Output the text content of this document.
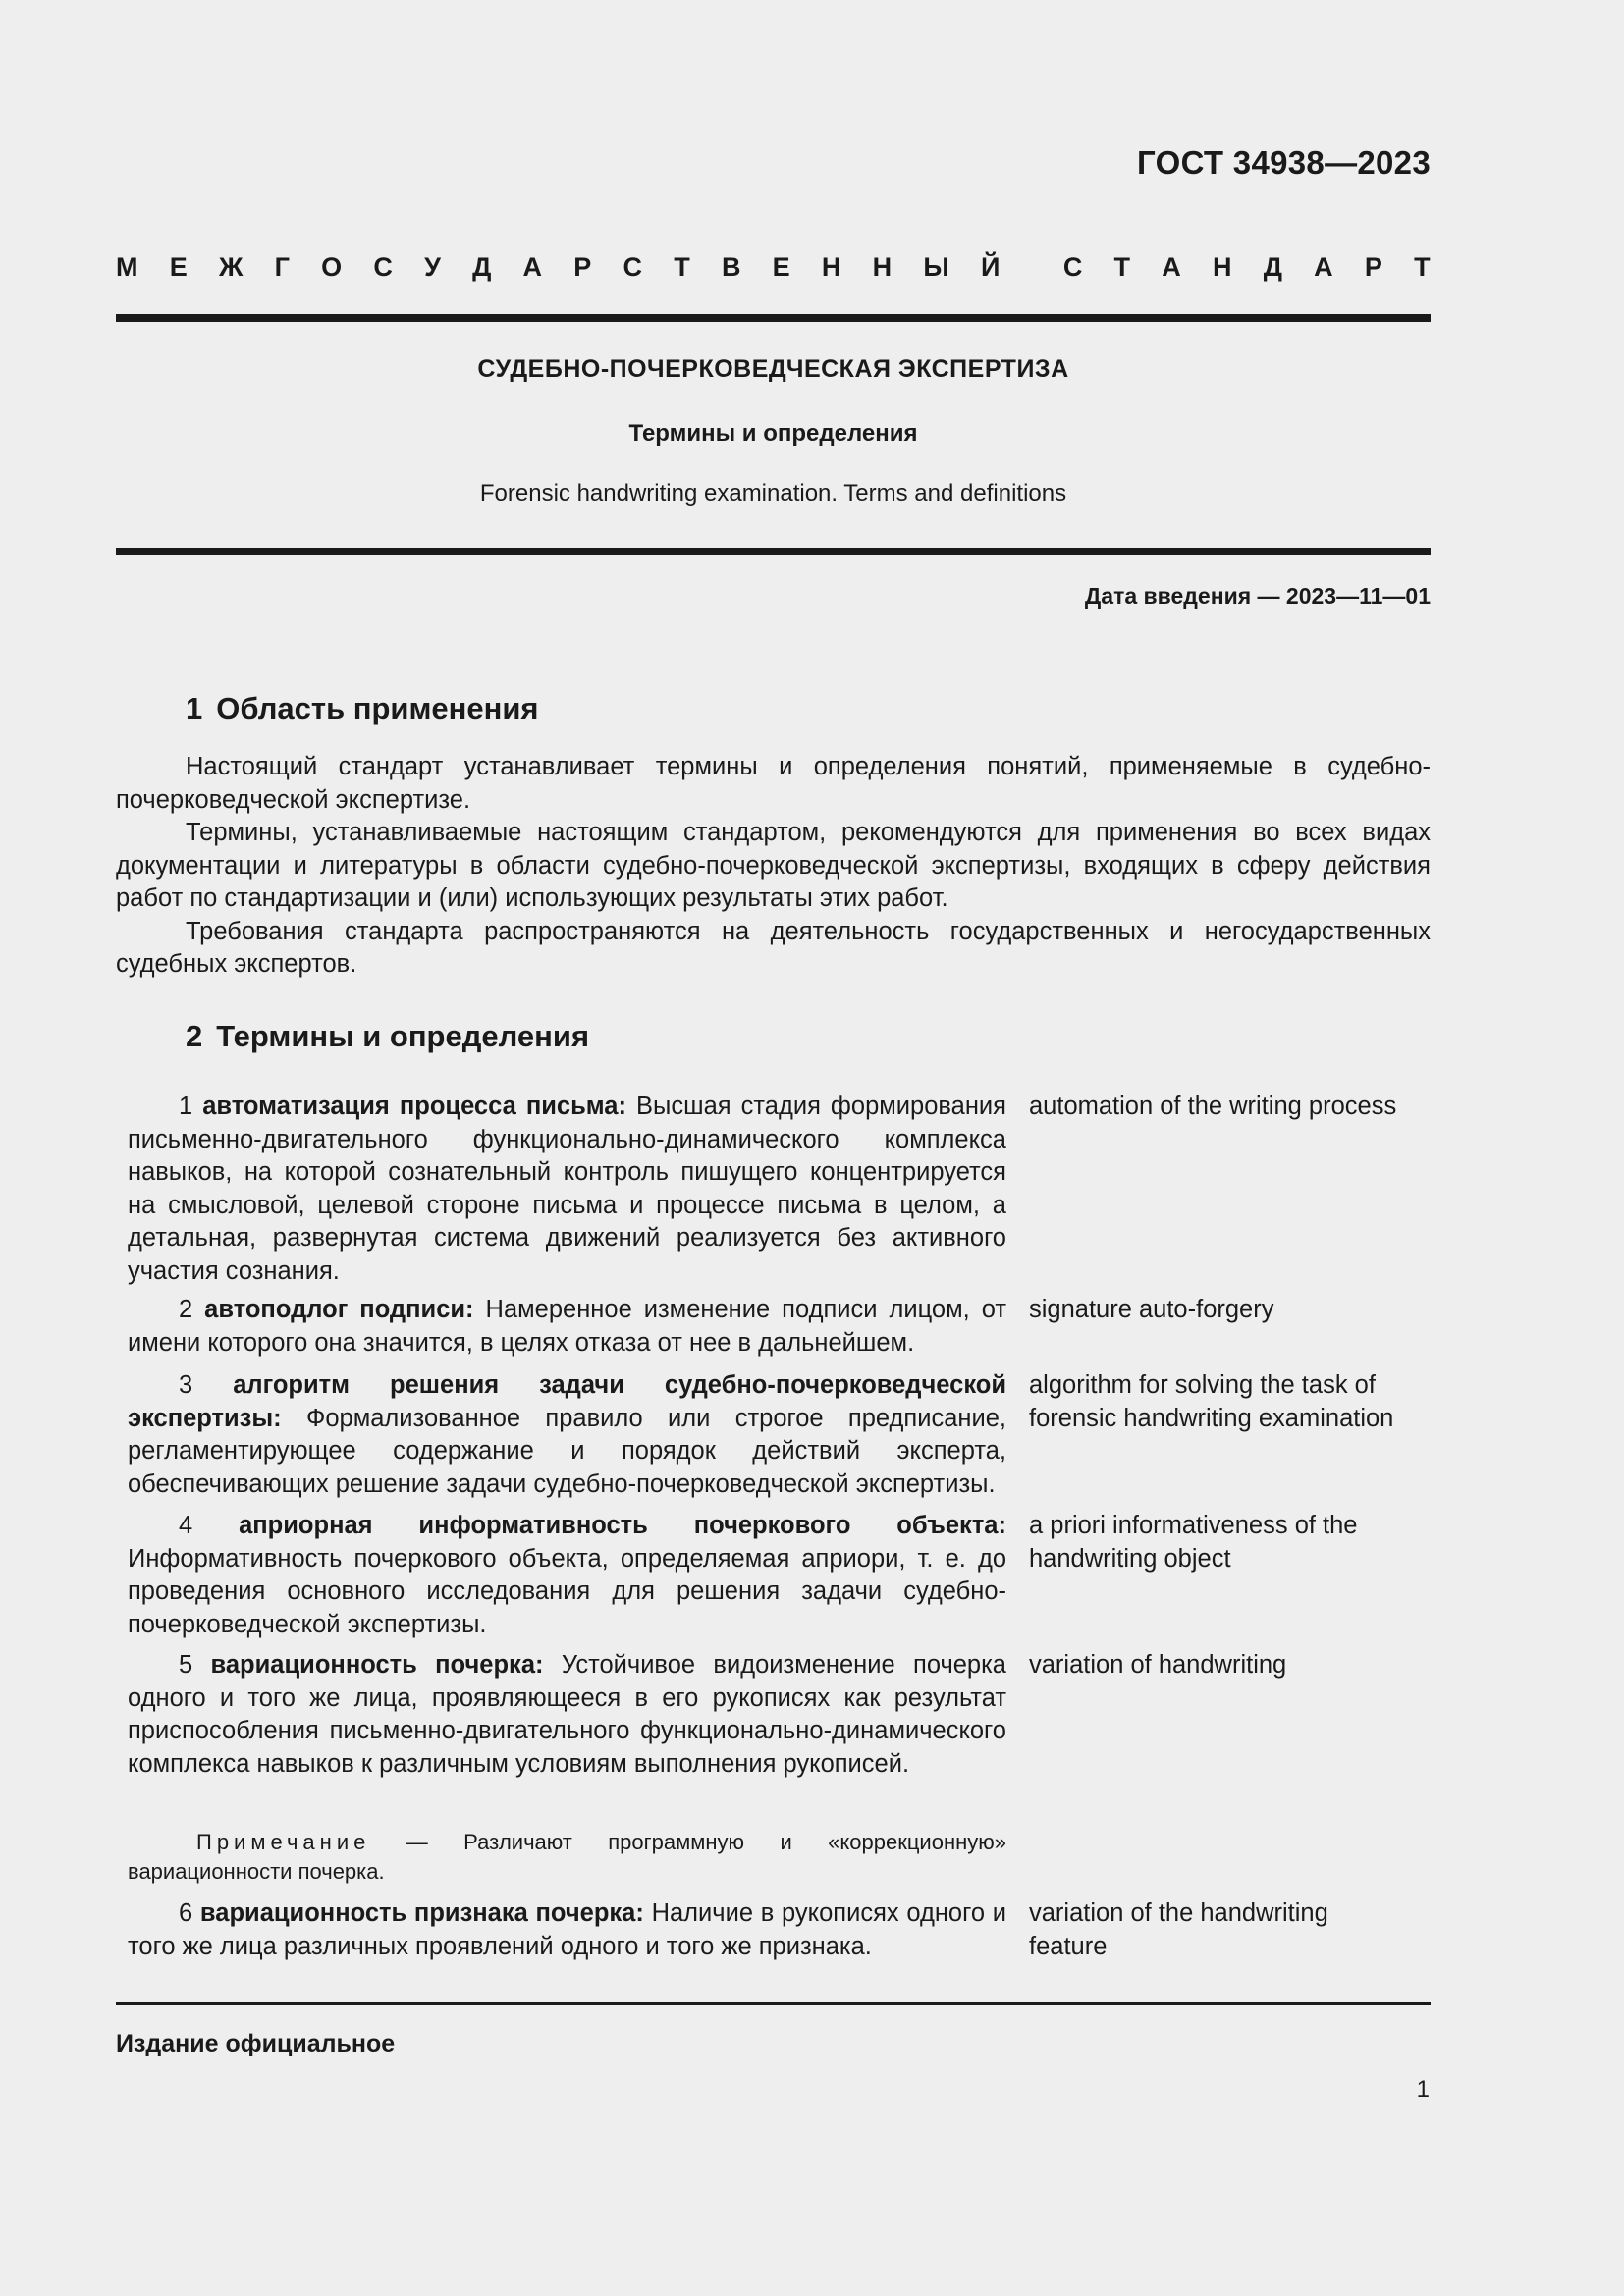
ГОСТ 34938—2023
М Е Ж Г О С У Д А Р С Т В Е Н Н Ы Й С Т А Н Д А Р Т
СУДЕБНО-ПОЧЕРКОВЕДЧЕСКАЯ ЭКСПЕРТИЗА
Термины и определения
Forensic handwriting examination. Terms and definitions
Дата введения — 2023—11—01
1 Область применения

Настоящий стандарт устанавливает термины и определения понятий, применяемые в судебно-почерковедческой экспертизе.

Термины, устанавливаемые настоящим стандартом, рекомендуются для применения во всех видах документации и литературы в области судебно-почерковедческой экспертизы, входящих в сферу действия работ по стандартизации и (или) использующих результаты этих работ.

Требования стандарта распространяются на деятельность государственных и негосударственных судебных экспертов.

2 Термины и определения
1 автоматизация процесса письма: Высшая стадия формирования письменно-двигательного функционально-динамического комплекса навыков, на которой сознательный контроль пишущего концентрируется на смысловой, целевой стороне письма и процессе письма в целом, а детальная, развернутая система движений реализуется без активного участия сознания.
automation of the writing process
2 автоподлог подписи: Намеренное изменение подписи лицом, от имени которого она значится, в целях отказа от нее в дальнейшем.
signature auto-forgery
3 алгоритм решения задачи судебно-почерковедческой экспертизы: Формализованное правило или строгое предписание, регламентирующее содержание и порядок действий эксперта, обеспечивающих решение задачи судебно-почерковедческой экспертизы.
algorithm for solving the task of forensic handwriting examination
4 априорная информативность почеркового объекта: Информативность почеркового объекта, определяемая априори, т. е. до проведения основного исследования для решения задачи судебно-почерковедческой экспертизы.
a priori informativeness of the handwriting object
5 вариационность почерка: Устойчивое видоизменение почерка одного и того же лица, проявляющееся в его рукописях как результат приспособления письменно-двигательного функционально-динамического комплекса навыков к различным условиям выполнения рукописей.
variation of handwriting
Примечание — Различают программную и «коррекционную» вариационности почерка.
6 вариационность признака почерка: Наличие в рукописях одного и того же лица различных проявлений одного и того же признака.
variation of the handwriting feature
Издание официальное
1
